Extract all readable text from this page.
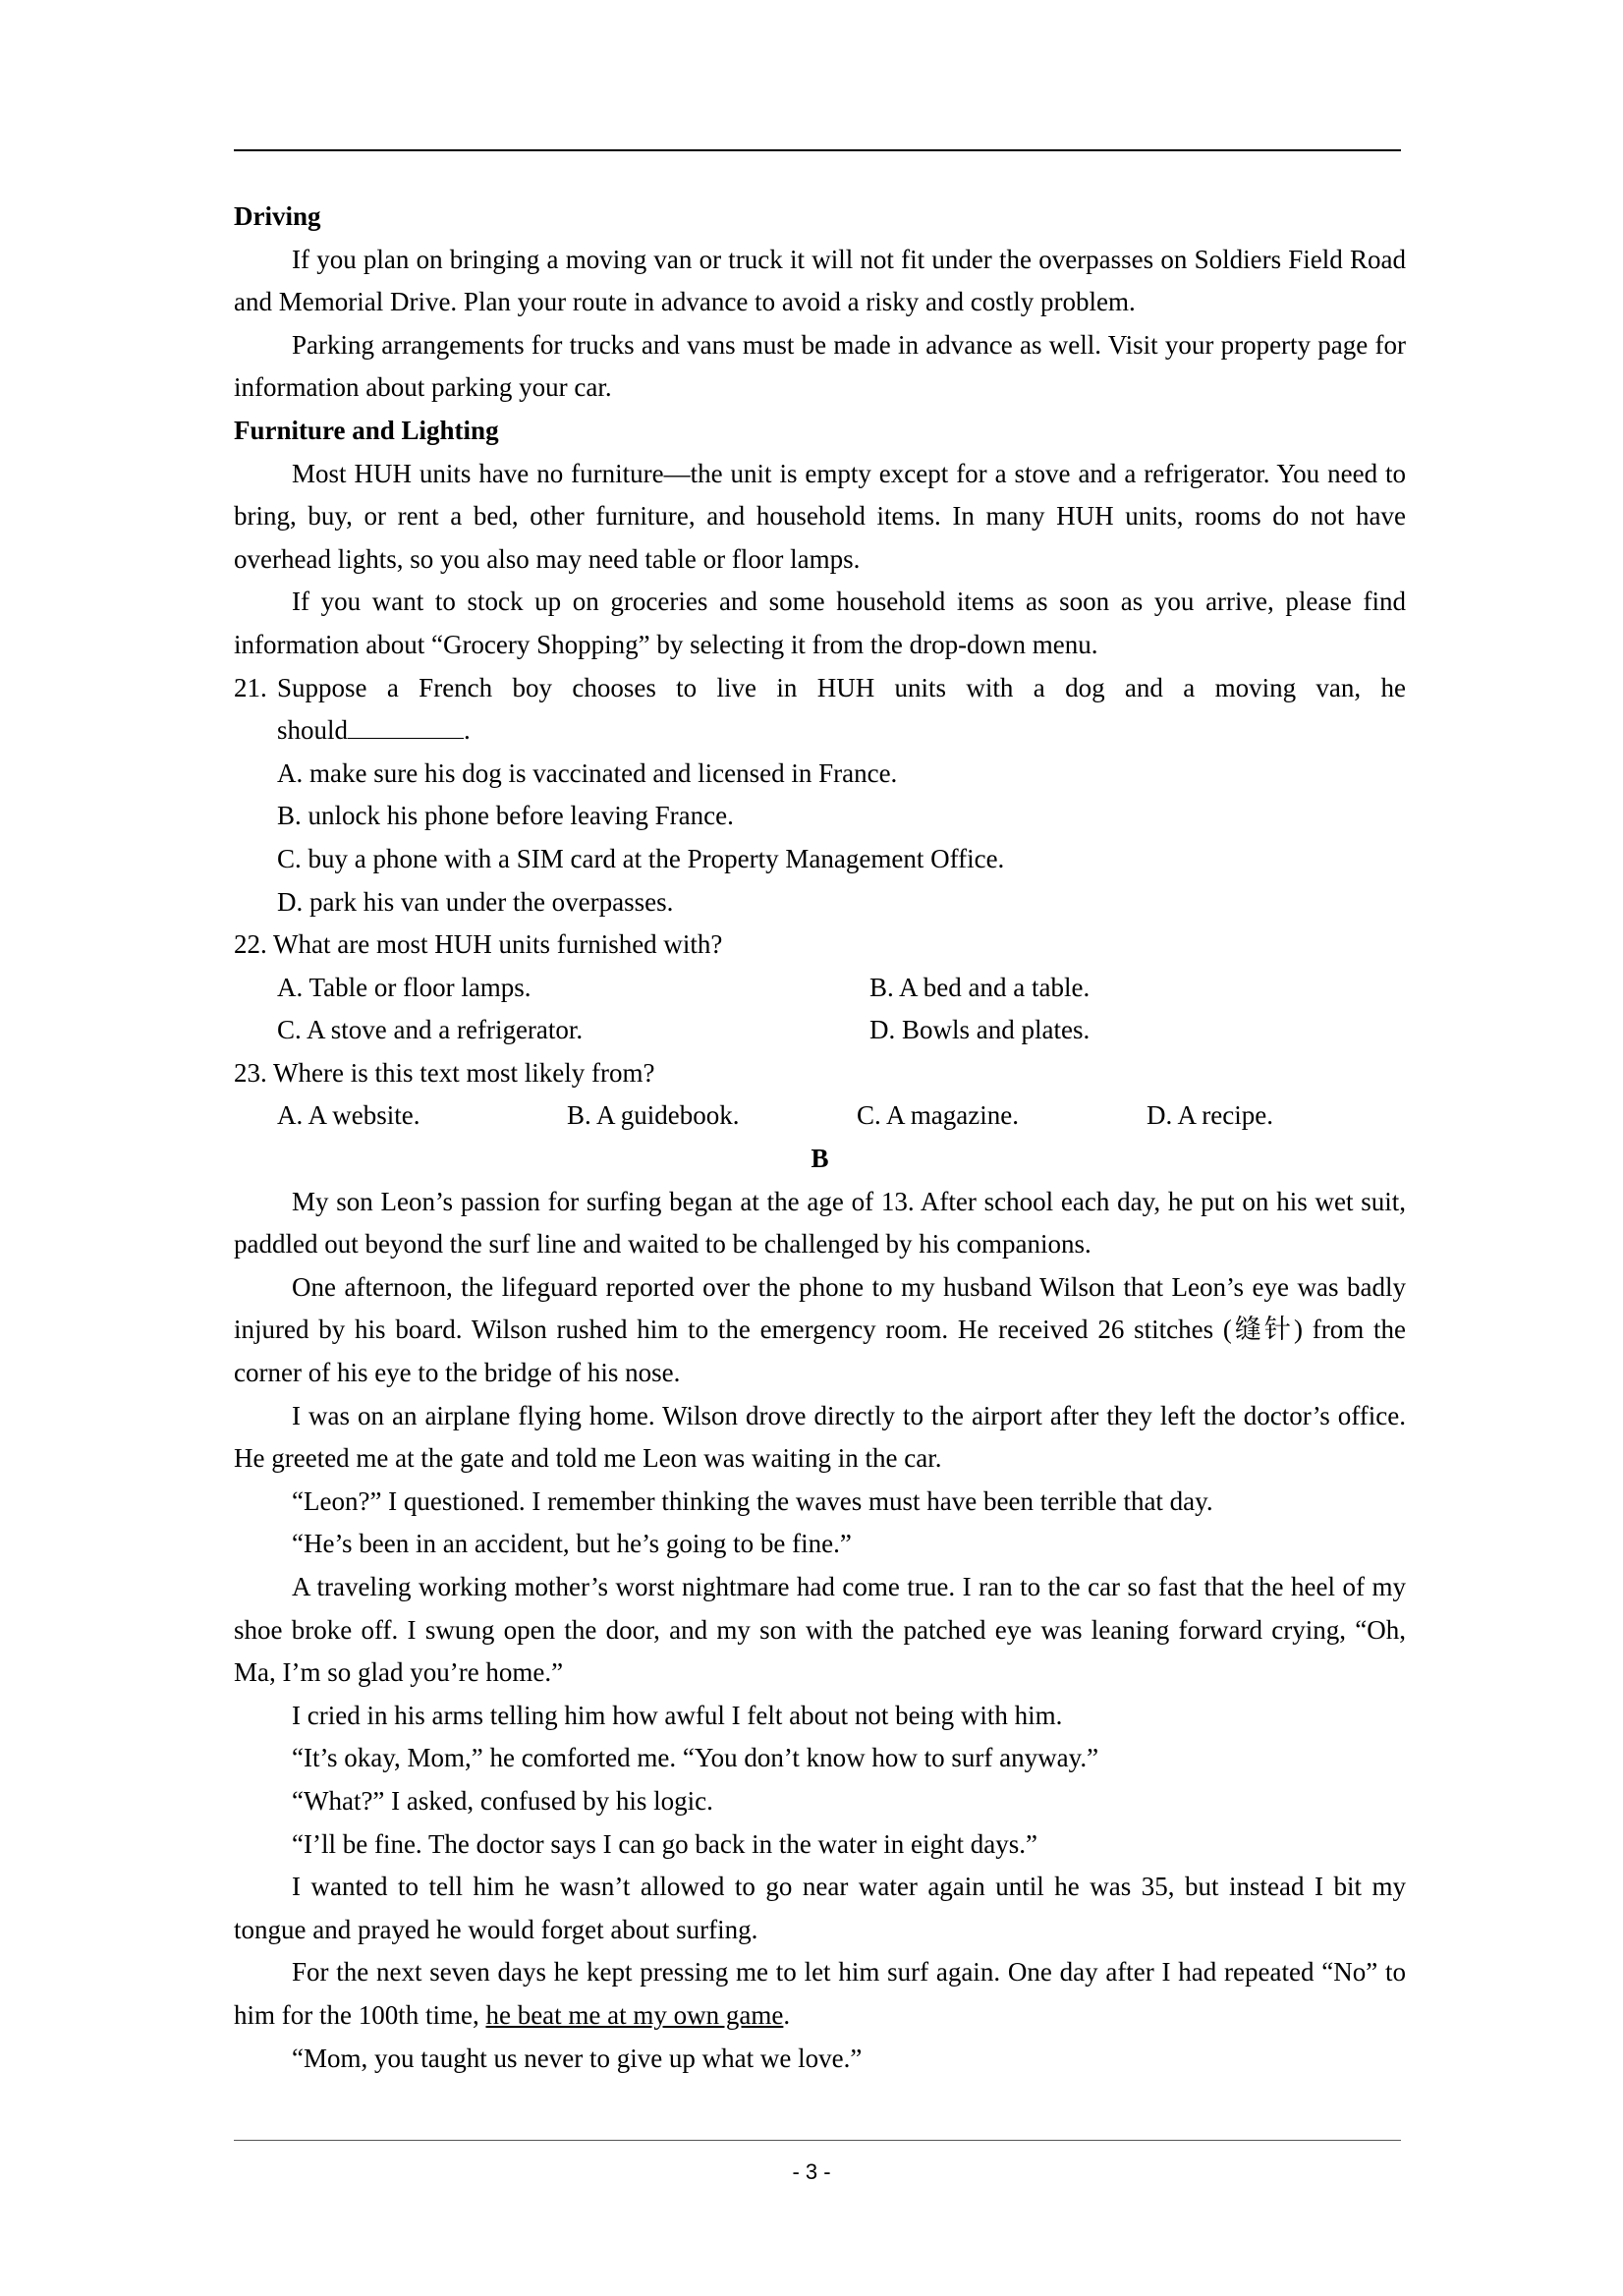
Driving

If you plan on bringing a moving van or truck it will not fit under the overpasses on Soldiers Field Road and Memorial Drive. Plan your route in advance to avoid a risky and costly problem.

Parking arrangements for trucks and vans must be made in advance as well. Visit your property page for information about parking your car.

Furniture and Lighting

Most HUH units have no furniture—the unit is empty except for a stove and a refrigerator. You need to bring, buy, or rent a bed, other furniture, and household items. In many HUH units, rooms do not have overhead lights, so you also may need table or floor lamps.

If you want to stock up on groceries and some household items as soon as you arrive, please find information about “Grocery Shopping” by selecting it from the drop-down menu.

21. Suppose a French boy chooses to live in HUH units with a dog and a moving van, he

should	.

A. make sure his dog is vaccinated and licensed in France.

B. unlock his phone before leaving France.

C. buy a phone with a SIM card at the Property Management Office.

D. park his van under the overpasses.

22. What are most HUH units furnished with?

A. Table or floor lamps.	B. A bed and a table.
C. A stove and a refrigerator.	D. Bowls and plates.

23. Where is this text most likely from?

A. A website.	B. A guidebook.	C. A magazine.	D. A recipe.

B

My son Leon’s passion for surfing began at the age of 13. After school each day, he put on his wet suit, paddled out beyond the surf line and waited to be challenged by his companions.

One afternoon, the lifeguard reported over the phone to my husband Wilson that Leon’s eye was badly injured by his board. Wilson rushed him to the emergency room. He received 26 stitches (缝针) from the corner of his eye to the bridge of his nose.

I was on an airplane flying home. Wilson drove directly to the airport after they left the doctor’s office. He greeted me at the gate and told me Leon was waiting in the car.

“Leon?” I questioned. I remember thinking the waves must have been terrible that day.

“He’s been in an accident, but he’s going to be fine.”

A traveling working mother’s worst nightmare had come true. I ran to the car so fast that the heel of my shoe broke off. I swung open the door, and my son with the patched eye was leaning forward crying, “Oh, Ma, I’m so glad you’re home.”

I cried in his arms telling him how awful I felt about not being with him.

“It’s okay, Mom,” he comforted me. “You don’t know how to surf anyway.”

“What?” I asked, confused by his logic.

“I’ll be fine. The doctor says I can go back in the water in eight days.”

I wanted to tell him he wasn’t allowed to go near water again until he was 35, but instead I bit my tongue and prayed he would forget about surfing.

For the next seven days he kept pressing me to let him surf again. One day after I had repeated “No” to him for the 100th time, he beat me at my own game.

“Mom, you taught us never to give up what we love.”

- 3 -
